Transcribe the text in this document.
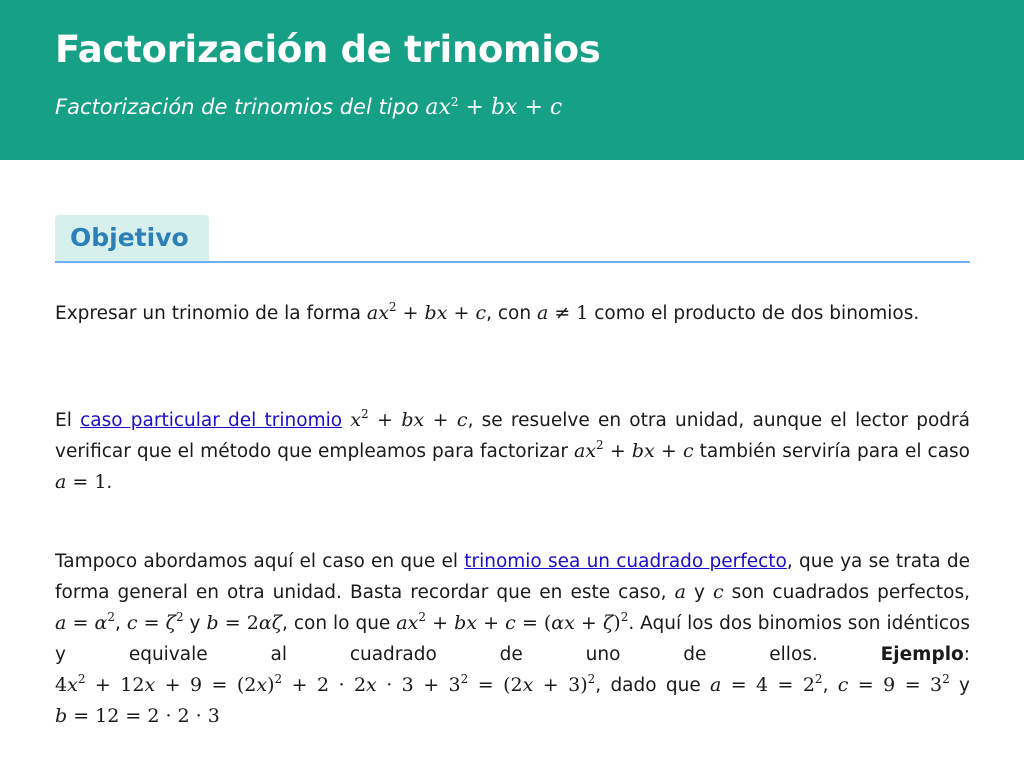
Factorización de trinomios
Factorización de trinomios del tipo $ax^2$ + bx + c
Objetivo

Expresar un trinomio de la forma $ax^2$ + bx + c, con a ≠ 1 como el producto de dos binomios.

El caso particular del trinomio $x^2$ + bx + c, se resuelve en otra unidad, aunque el lector podrá verificar que el método que empleamos para factorizar $ax^2$ + bx + c también serviría para el caso a = 1.

Tampoco abordamos aquí el caso en que el trinomio sea un cuadrado perfecto, que ya se trata de forma general en otra unidad. Basta recordar que en este caso, a y c son cuadrados perfectos, $a = \alpha^2$, $c = \zeta^2$ y b = 2αζ, con lo que $ax^2$ + bx + $c = (\alpha x + \zeta)^2$. Aquí los dos binomios son idénticos y equivale al cuadrado de uno de ellos. Ejemplo: $4x^2 + 12x + 9 = (2x)^2 + 2 \cdot 2x \cdot 3 + 3^2 = (2x + 3)^2$, dado que $a = 4 = 2^2$, $c = 9 = 3^2$ y b = 12 = 2 · 2 · 3
